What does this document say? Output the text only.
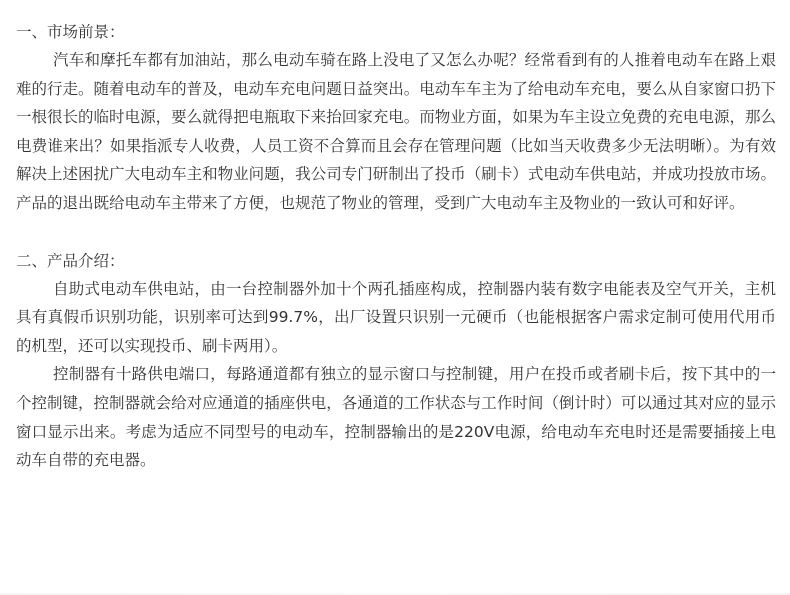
一、市场前景：

汽车和摩托车都有加油站，那么电动车骑在路上没电了又怎么办呢？经常看到有的人推着电动车在路上艰难的行走。随着电动车的普及，电动车充电问题日益突出。电动车车主为了给电动车充电，要么从自家窗口扔下一根很长的临时电源，要么就得把电瓶取下来抬回家充电。而物业方面，如果为车主设立免费的充电电源，那么电费谁来出？如果指派专人收费，人员工资不合算而且会存在管理问题（比如当天收费多少无法明晰）。为有效解决上述困扰广大电动车主和物业问题，我公司专门研制出了投币（刷卡）式电动车供电站，并成功投放市场。产品的退出既给电动车主带来了方便，也规范了物业的管理，受到广大电动车主及物业的一致认可和好评。

二、产品介绍：

自助式电动车供电站，由一台控制器外加十个两孔插座构成，控制器内装有数字电能表及空气开关，主机具有真假币识别功能，识别率可达到99.7%，出厂设置只识别一元硬币（也能根据客户需求定制可使用代用币的机型，还可以实现投币、刷卡两用）。

控制器有十路供电端口，每路通道都有独立的显示窗口与控制键，用户在投币或者刷卡后，按下其中的一个控制键，控制器就会给对应通道的插座供电，各通道的工作状态与工作时间（倒计时）可以通过其对应的显示窗口显示出来。考虑为适应不同型号的电动车，控制器输出的是220V电源，给电动车充电时还是需要插接上电动车自带的充电器。
